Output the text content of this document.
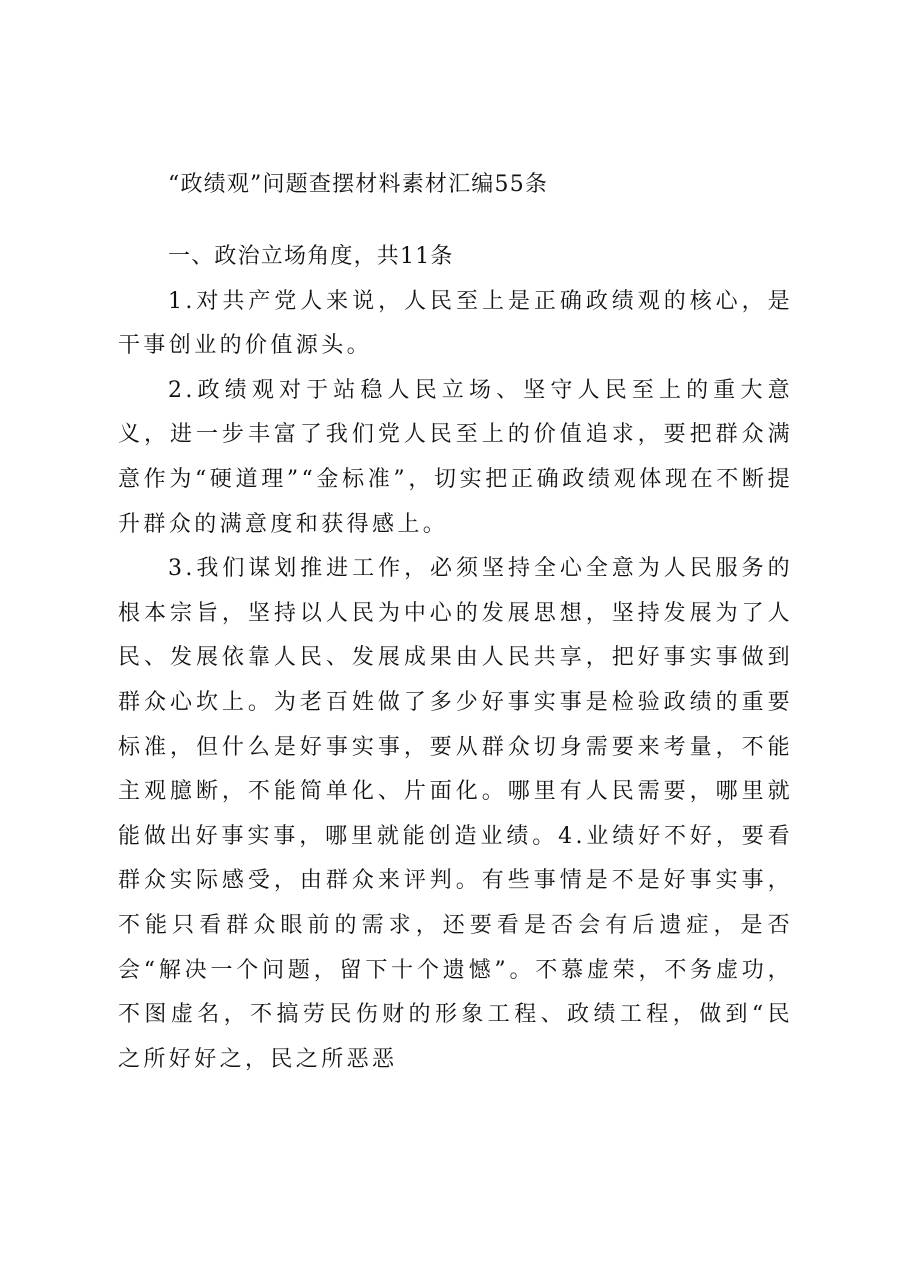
“政绩观”问题查摆材料素材汇编55条

一、政治立场角度，共11条

1.对共产党人来说，人民至上是正确政绩观的核心，是干事创业的价值源头。

2.政绩观对于站稳人民立场、坚守人民至上的重大意义，进一步丰富了我们党人民至上的价值追求，要把群众满意作为“硬道理”“金标准”，切实把正确政绩观体现在不断提升群众的满意度和获得感上。

3.我们谋划推进工作，必须坚持全心全意为人民服务的根本宗旨，坚持以人民为中心的发展思想，坚持发展为了人民、发展依靠人民、发展成果由人民共享，把好事实事做到群众心坎上。为老百姓做了多少好事实事是检验政绩的重要标准，但什么是好事实事，要从群众切身需要来考量，不能主观臆断，不能简单化、片面化。哪里有人民需要，哪里就能做出好事实事，哪里就能创造业绩。4.业绩好不好，要看群众实际感受，由群众来评判。有些事情是不是好事实事，不能只看群众眼前的需求，还要看是否会有后遗症，是否会“解决一个问题，留下十个遗憾”。不慕虚荣，不务虚功，不图虚名，不搞劳民伤财的形象工程、政绩工程，做到“民之所好好之，民之所恶恶
